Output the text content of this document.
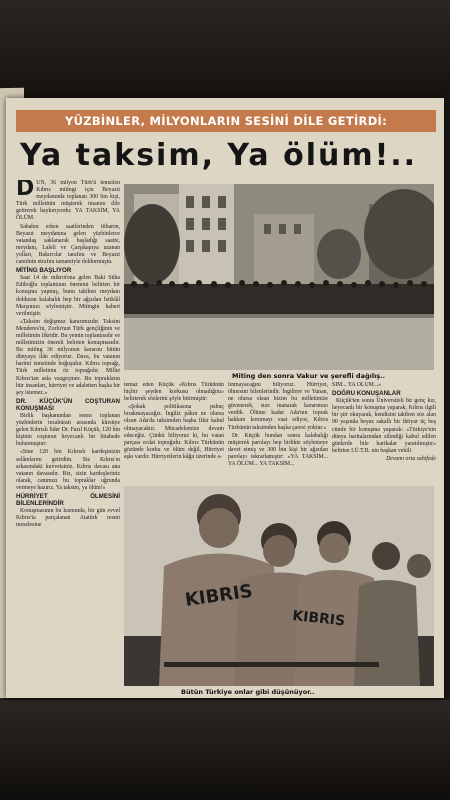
YÜZBİNLER, MİLYONLARIN SESİNİ DİLE GETİRDİ:
Ya taksim, Ya ölüm!..

DÜN, 36 milyon Türk'ü temsilen Kıbrıs mitingi için Beyazıt meydanında toplanan 300 bin kişi, Türk milletinin müşterek imanını dile getirerek haykırıyordu: YA TAKSİM, YA ÖLÜM.

Sabahın erken saatlerinden itibaren, Beyazıt meydanına gelen yüzbinlerce vatandaş saklanarak başladığı saatte, meydanı, Laleli ve Çarşıkapıya uzanan yolları, Bakırcılar tarafını ve Beyazıt camiinin etrafını tamamiyle doldurmuştu.

MİTİNG BAŞLIYOR

Saat 14 de mikrofona gelen Baki Süha Ediboğlu toplantının önemini belirten bir konuşma yapmış, bunu takiben meydanı dolduran kalabalık hep bir ağızdan İstiklâl Marşımızı söylemiştir. Mitingin haberi verilmiştir.

«Taksim değişmez kararımızdır. Taksim Menderes'in, Zorlu'nun Türk gençliğinin ve milletimin fikridir. Bu yemin toplantısıdır ve milletimizin önemli belirten konuşmasıdır. Bu miting 36 milyonun kararını bütün dünyaya ilân ediyoruz. Dava, bu vatanın harimi ismetinde boğuşulur. Kıbrıs toprağı, Türk milletinin öz toprağıdır. Millet Kıbrıs'tan asla vazgeçmez. Bu toprakların hür insanları, hürriyet ve adaletten başka bir şey istemez.»

DR. KÜÇÜK'ÜN COŞTURAN KONUŞMASI

Birlik başkanından sonra toplanan yüzbinlerin tezahüratı arasında kürsüye gelen Kıbrıslı lider Dr. Fazıl Küçük, 120 bin kişinin coşturan heyecanlı bir hitabede bulunmuştur:

«Sine 120 bin Kıbrıslı kardeşinizin selâmlarını getirdim. Siz Kıbrıs'ın arkasındaki kuvvetsiniz. Kıbrıs davası ana vatanın davasıdır. Biz, sizin kardeşleriniz olarak, canımızı bu topraklar uğrunda vermeye hazırız. Ya taksim, ya ölüm!»

HÜRRİYET ÖLMESİNİ BİLENLERİNDİR

Konuşmasının bu kısmında, bir gün evvel Kıbrıs'ta parçalanan Atatürk resmi meselesine

Miting den sonra Vakur ve şerefli dağılış..

temaz eden Küçük «Kıbrıs Türkünün hiçbir şeyden korkusu olmadığını» belirterek sözlerini şöyle bitirmiştir:

«Şokak politikasına pabuç bırakmayacağız. İngiliz pâkın ne olursa olsun Ada'da taksimden başka fikir kabul olmayacaktır. Mücadelemize devam edeceğiz. Çünkü biliyoruz ki, bu vatan parçası ecdat toprağıdır. Kıbrıs Türkünün gözünde korku ve ölüm değil, Hürriyet aşkı vardır. Hürriyetlerin kâğıt üzerinde a-

lınmayacağını biliyoruz. Hürriyet, ölmesini bilenlerindir. İngiltere ve Yunan, ne olursa olsun bizim bu milletimize güvenerek, size inanarak kararımızı verdik. Ölüme kadar Ada'nın toprak hakkını korumayı vaat ediyor, Kıbrıs Türkünün taksimden başka çaresi yoktur.»

Dr. Küçük bundan sonra kalabalığı müşterek parolayı hep birlikte söylemeye davet etmiş ve 300 bin kişi bir ağızdan parolayı tekrarlamıştır: «YA TAKSİM... YA ÖLÜM... YA TAKSİM...

SİM... YA ÖLÜM...»

DOĞRU KONUŞANLAR

Küçük'ten sonra Üniversiteli bir genç kız, heyecanlı bir konuşma yaparak, Kıbrıs ilgili bir şiir okuyarak, kendisini takiben söz alan 90 yaşında beyaz sakallı bir ihtiyar üç beş cümle bir konuşma yaparak: «Türkiye'nin dünya haritalarından silindiği kabul edilen günlerde bile harikalar yaratılmıştır» belirten I.Ü.T.B. nin başkan vekili

Devamı orta sahifede

KIBRIS
KIBRIS
Bütün Türkiye onlar gibi düşünüyor..
